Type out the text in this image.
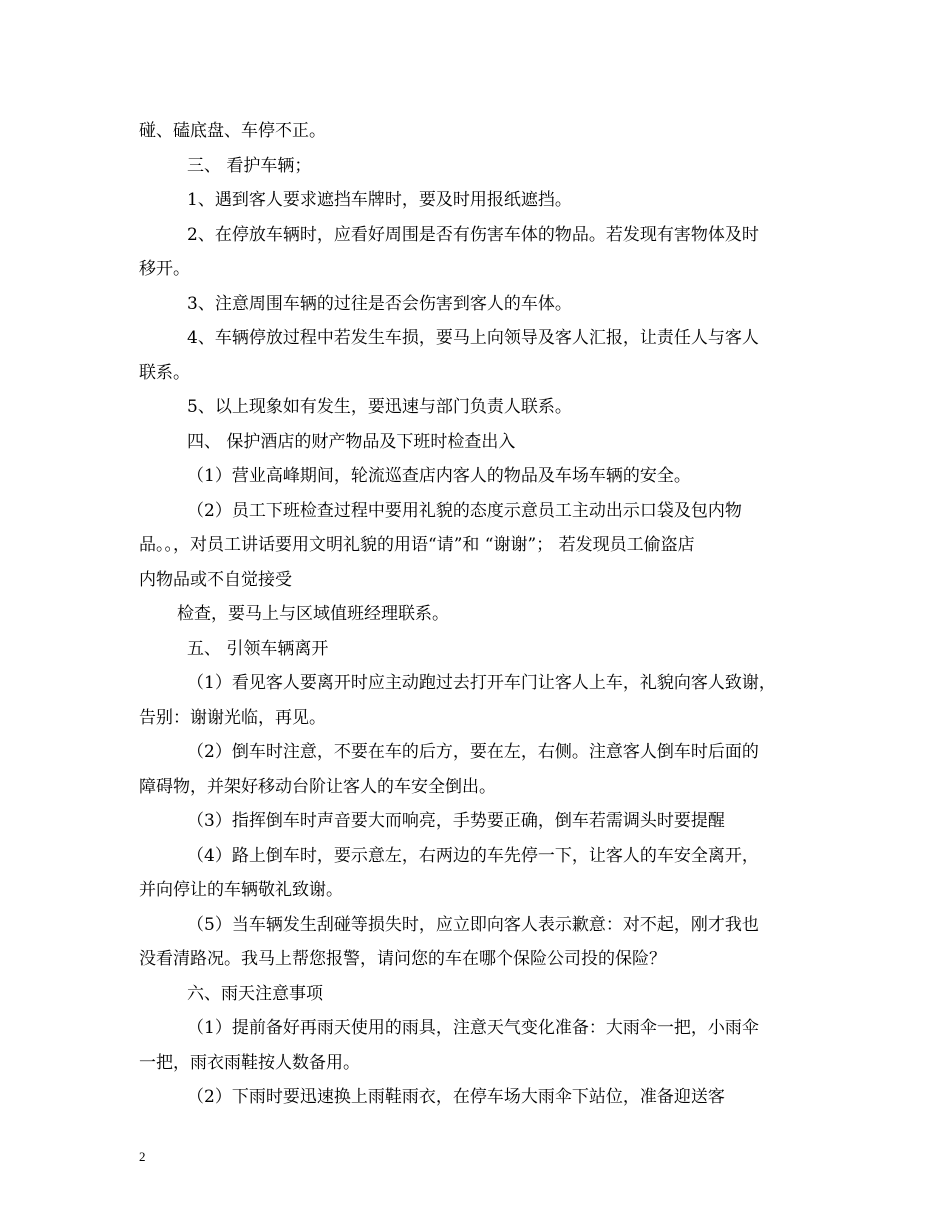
碰、磕底盘、车停不正。

三、 看护车辆；

1、遇到客人要求遮挡车牌时，要及时用报纸遮挡。

2、在停放车辆时，应看好周围是否有伤害车体的物品。若发现有害物体及时

移开。

3、注意周围车辆的过往是否会伤害到客人的车体。

4、车辆停放过程中若发生车损，要马上向领导及客人汇报，让责任人与客人

联系。

5、以上现象如有发生，要迅速与部门负责人联系。

四、 保护酒店的财产物品及下班时检查出入

（1）营业高峰期间，轮流巡查店内客人的物品及车场车辆的安全。

（2）员工下班检查过程中要用礼貌的态度示意员工主动出示口袋及包内物

品。。，对员工讲话要用文明礼貌的用语“请”和 “谢谢”； 若发现员工偷盗店

内物品或不自觉接受

检查，要马上与区域值班经理联系。

五、 引领车辆离开

（1）看见客人要离开时应主动跑过去打开车门让客人上车，礼貌向客人致谢，

告别：谢谢光临，再见。

（2）倒车时注意，不要在车的后方，要在左，右侧。注意客人倒车时后面的

障碍物，并架好移动台阶让客人的车安全倒出。

（3）指挥倒车时声音要大而响亮，手势要正确，倒车若需调头时要提醒

（4）路上倒车时，要示意左，右两边的车先停一下，让客人的车安全离开，

并向停让的车辆敬礼致谢。

（5）当车辆发生刮碰等损失时，应立即向客人表示歉意：对不起，刚才我也

没看清路况。我马上帮您报警，请问您的车在哪个保险公司投的保险？

六、雨天注意事项

（1）提前备好再雨天使用的雨具，注意天气变化准备：大雨伞一把，小雨伞

一把，雨衣雨鞋按人数备用。

（2）下雨时要迅速换上雨鞋雨衣，在停车场大雨伞下站位，准备迎送客

2
